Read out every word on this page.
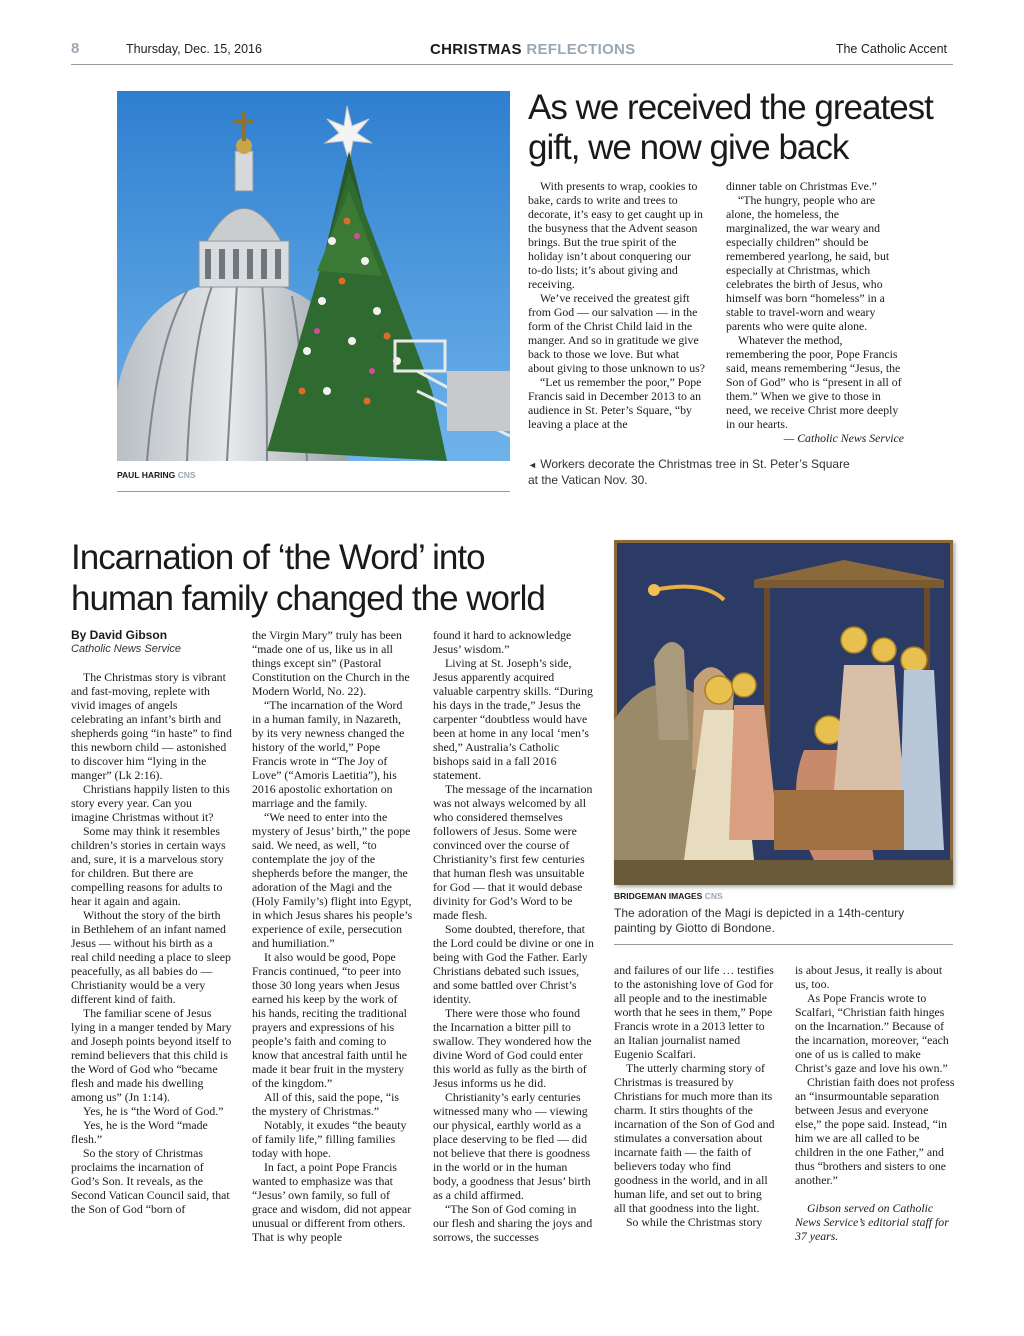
8	Thursday, Dec. 15, 2016	CHRISTMAS REFLECTIONS	The Catholic Accent
PAUL HARING CNS
As we received the greatest
gift, we now give back

With presents to wrap, cookies to bake, cards to write and trees to decorate, it’s easy to get caught up in the busyness that the Advent season brings. But the true spirit of the holiday isn’t about conquering our to-do lists; it’s about giving and receiving.

We’ve received the greatest gift from God — our salvation — in the form of the Christ Child laid in the manger. And so in gratitude we give back to those we love. But what about giving to those unknown to us?

“Let us remember the poor,” Pope Francis said in December 2013 to an audience in St. Peter’s Square, “by leaving a place at the

dinner table on Christmas Eve.”

“The hungry, people who are alone, the homeless, the marginalized, the war weary and especially children” should be remembered yearlong, he said, but especially at Christmas, which celebrates the birth of Jesus, who himself was born “homeless” in a stable to travel-worn and weary parents who were quite alone.

Whatever the method, remembering the poor, Pope Francis said, means remembering “Jesus, the Son of God” who is “present in all of them.” When we give to those in need, we receive Christ more deeply in our hearts.

— Catholic News Service

◄ Workers decorate the Christmas tree in St. Peter’s Square at the Vatican Nov. 30.
Incarnation of ‘the Word’ into
human family changed the world
BRIDGEMAN IMAGES CNS
The adoration of the Magi is depicted in a 14th-century painting by Giotto di Bondone.
By David Gibson
Catholic News Service

The Christmas story is vibrant and fast-moving, replete with vivid images of angels celebrating an infant’s birth and shepherds going “in haste” to find this newborn child — astonished to discover him “lying in the manger” (Lk 2:16).

Christians happily listen to this story every year. Can you imagine Christmas without it?

Some may think it resembles children’s stories in certain ways and, sure, it is a marvelous story for children. But there are compelling reasons for adults to hear it again and again.

Without the story of the birth in Bethlehem of an infant named Jesus — without his birth as a real child needing a place to sleep peacefully, as all babies do — Christianity would be a very different kind of faith.

The familiar scene of Jesus lying in a manger tended by Mary and Joseph points beyond itself to remind believers that this child is the Word of God who “became flesh and made his dwelling among us” (Jn 1:14).

Yes, he is “the Word of God.”

Yes, he is the Word “made flesh.”

So the story of Christmas proclaims the incarnation of God’s Son. It reveals, as the Second Vatican Council said, that the Son of God “born of

the Virgin Mary” truly has been “made one of us, like us in all things except sin” (Pastoral Constitution on the Church in the Modern World, No. 22).

“The incarnation of the Word in a human family, in Nazareth, by its very newness changed the history of the world,” Pope Francis wrote in “The Joy of Love” (“Amoris Laetitia”), his 2016 apostolic exhortation on marriage and the family.

“We need to enter into the mystery of Jesus’ birth,” the pope said. We need, as well, “to contemplate the joy of the shepherds before the manger, the adoration of the Magi and the (Holy Family’s) flight into Egypt, in which Jesus shares his people’s experience of exile, persecution and humiliation.”

It also would be good, Pope Francis continued, “to peer into those 30 long years when Jesus earned his keep by the work of his hands, reciting the traditional prayers and expressions of his people’s faith and coming to know that ancestral faith until he made it bear fruit in the mystery of the kingdom.”

All of this, said the pope, “is the mystery of Christmas.”

Notably, it exudes “the beauty of family life,” filling families today with hope.

In fact, a point Pope Francis wanted to emphasize was that “Jesus’ own family, so full of grace and wisdom, did not appear unusual or different from others. That is why people

found it hard to acknowledge Jesus’ wisdom.”

Living at St. Joseph’s side, Jesus apparently acquired valuable carpentry skills. “During his days in the trade,” Jesus the carpenter “doubtless would have been at home in any local ‘men’s shed,” Australia’s Catholic bishops said in a fall 2016 statement.

The message of the incarnation was not always welcomed by all who considered themselves followers of Jesus. Some were convinced over the course of Christianity’s first few centuries that human flesh was unsuitable for God — that it would debase divinity for God’s Word to be made flesh.

Some doubted, therefore, that the Lord could be divine or one in being with God the Father. Early Christians debated such issues, and some battled over Christ’s identity.

There were those who found the Incarnation a bitter pill to swallow. They wondered how the divine Word of God could enter this world as fully as the birth of Jesus informs us he did.

Christianity’s early centuries witnessed many who — viewing our physical, earthly world as a place deserving to be fled — did not believe that there is goodness in the world or in the human body, a goodness that Jesus’ birth as a child affirmed.

“The Son of God coming in our flesh and sharing the joys and sorrows, the successes

and failures of our life … testifies to the astonishing love of God for all people and to the inestimable worth that he sees in them,” Pope Francis wrote in a 2013 letter to an Italian journalist named Eugenio Scalfari.

The utterly charming story of Christmas is treasured by Christians for much more than its charm. It stirs thoughts of the incarnation of the Son of God and stimulates a conversation about incarnate faith — the faith of believers today who find goodness in the world, and in all human life, and set out to bring all that goodness into the light.

So while the Christmas story

is about Jesus, it really is about us, too.

As Pope Francis wrote to Scalfari, “Christian faith hinges on the Incarnation.” Because of the incarnation, moreover, “each one of us is called to make Christ’s gaze and love his own.”

Christian faith does not profess an “insurmountable separation between Jesus and everyone else,” the pope said. Instead, “in him we are all called to be children in the one Father,” and thus “brothers and sisters to one another.”

Gibson served on Catholic News Service’s editorial staff for 37 years.
